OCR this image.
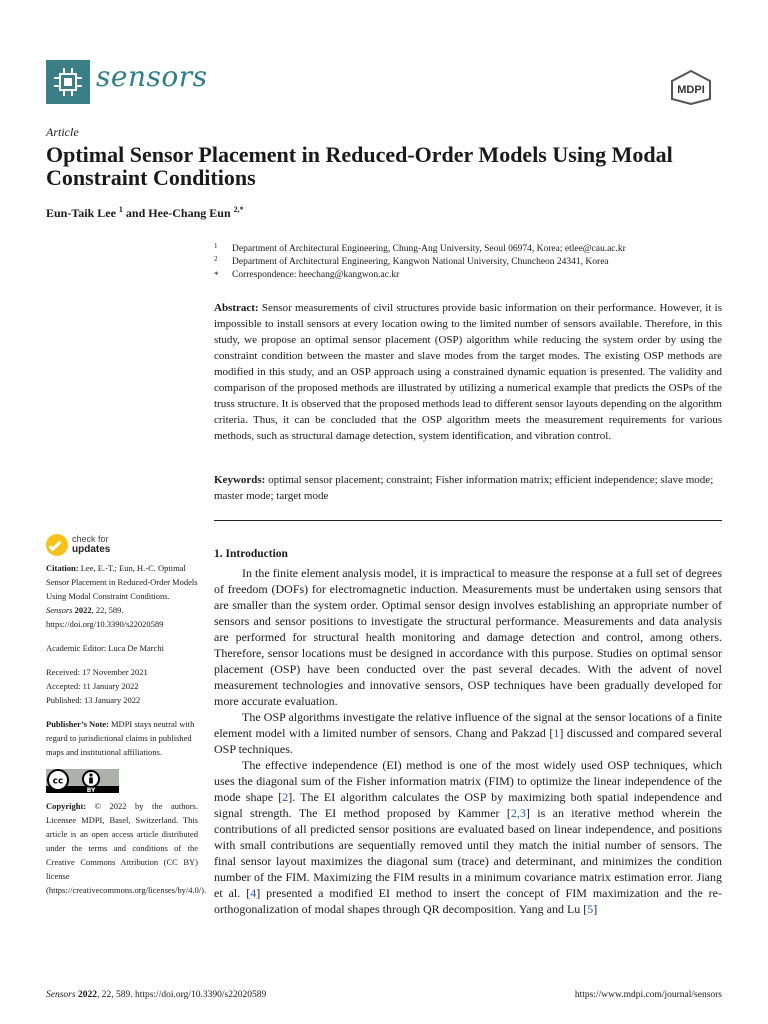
sensors	MDPI
Article
Optimal Sensor Placement in Reduced-Order Models Using Modal Constraint Conditions
Eun-Taik Lee $^1$ and Hee-Chang Eun $^{2,*}$
1 Department of Architectural Engineering, Chung-Ang University, Seoul 06974, Korea; etlee@cau.ac.kr
2 Department of Architectural Engineering, Kangwon National University, Chuncheon 24341, Korea
* Correspondence: heechang@kangwon.ac.kr
Abstract: Sensor measurements of civil structures provide basic information on their performance. However, it is impossible to install sensors at every location owing to the limited number of sensors available. Therefore, in this study, we propose an optimal sensor placement (OSP) algorithm while reducing the system order by using the constraint condition between the master and slave modes from the target modes. The existing OSP methods are modified in this study, and an OSP approach using a constrained dynamic equation is presented. The validity and comparison of the proposed methods are illustrated by utilizing a numerical example that predicts the OSPs of the truss structure. It is observed that the proposed methods lead to different sensor layouts depending on the algorithm criteria. Thus, it can be concluded that the OSP algorithm meets the measurement requirements for various methods, such as structural damage detection, system identification, and vibration control.
Keywords: optimal sensor placement; constraint; Fisher information matrix; efficient independence; slave mode; master mode; target mode
check for
updates
Citation: Lee, E.-T.; Eun, H.-C. Optimal Sensor Placement in Reduced-Order Models Using Modal Constraint Conditions. Sensors 2022, 22, 589. https://doi.org/10.3390/s22020589
Academic Editor: Luca De Marchi
Received: 17 November 2021
Accepted: 11 January 2022
Published: 13 January 2022
Publisher’s Note: MDPI stays neutral with regard to jurisdictional claims in published maps and institutional affiliations.
cc
BY
Copyright: © 2022 by the authors. Licensee MDPI, Basel, Switzerland. This article is an open access article distributed under the terms and conditions of the Creative Commons Attribution (CC BY) license (https://creativecommons.org/licenses/by/4.0/).
1. Introduction

In the finite element analysis model, it is impractical to measure the response at a full set of degrees of freedom (DOFs) for electromagnetic induction. Measurements must be undertaken using sensors that are smaller than the system order. Optimal sensor design involves establishing an appropriate number of sensors and sensor positions to investigate the structural performance. Measurements and data analysis are performed for structural health monitoring and damage detection and control, among others. Therefore, sensor locations must be designed in accordance with this purpose. Studies on optimal sensor placement (OSP) have been conducted over the past several decades. With the advent of novel measurement technologies and innovative sensors, OSP techniques have been gradually developed for more accurate evaluation.

The OSP algorithms investigate the relative influence of the signal at the sensor locations of a finite element model with a limited number of sensors. Chang and Pakzad [1] discussed and compared several OSP techniques.

The effective independence (EI) method is one of the most widely used OSP techniques, which uses the diagonal sum of the Fisher information matrix (FIM) to optimize the linear independence of the mode shape [2]. The EI algorithm calculates the OSP by maximizing both spatial independence and signal strength. The EI method proposed by Kammer [2,3] is an iterative method wherein the contributions of all predicted sensor positions are evaluated based on linear independence, and positions with small contributions are sequentially removed until they match the initial number of sensors. The final sensor layout maximizes the diagonal sum (trace) and determinant, and minimizes the condition number of the FIM. Maximizing the FIM results in a minimum covariance matrix estimation error. Jiang et al. [4] presented a modified EI method to insert the concept of FIM maximization and the re-orthogonalization of modal shapes through QR decomposition. Yang and Lu [5]

Sensors 2022, 22, 589. https://doi.org/10.3390/s22020589	https://www.mdpi.com/journal/sensors
